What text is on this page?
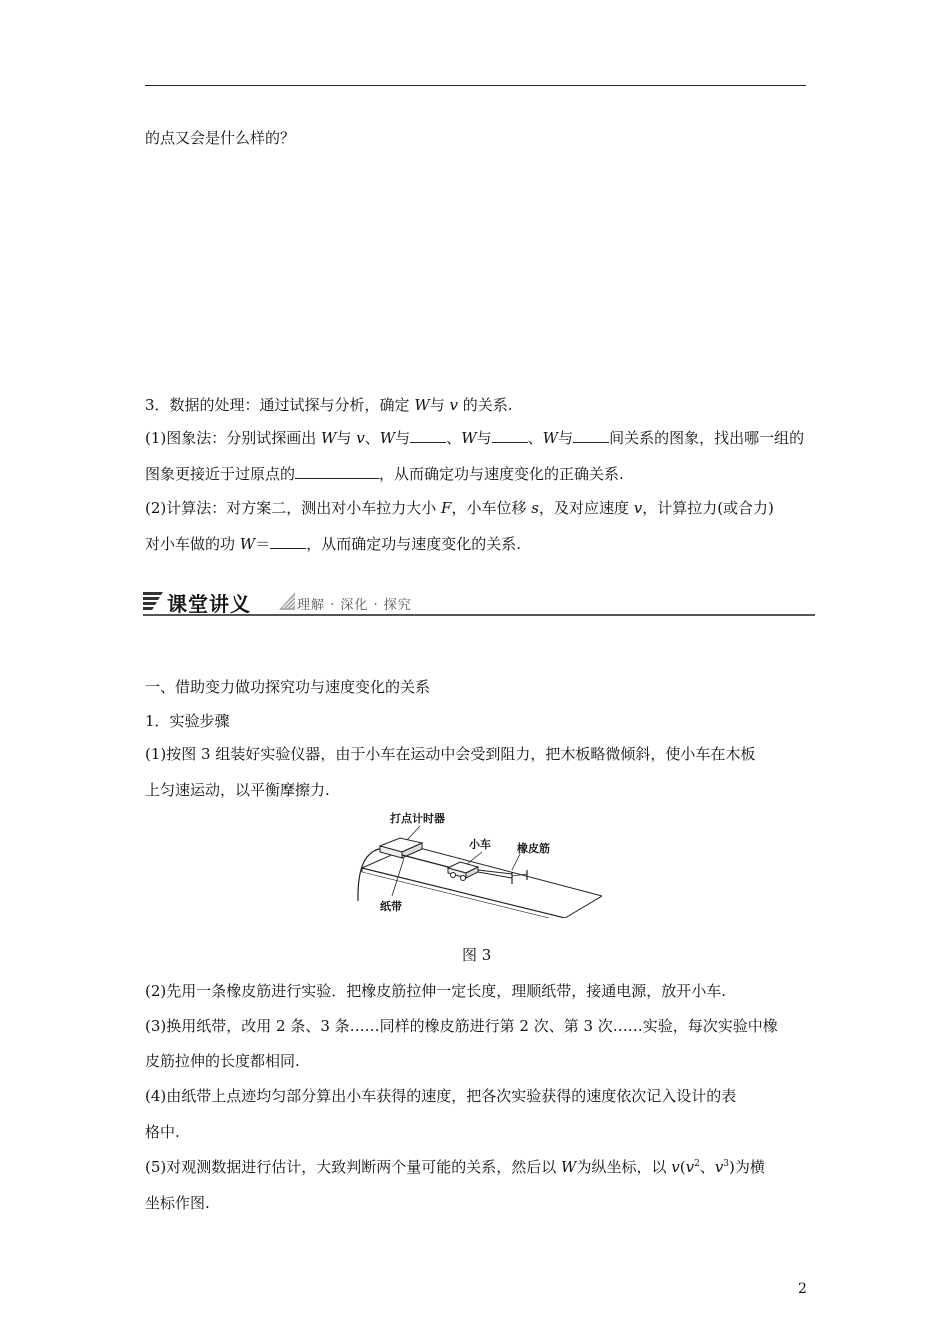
的点又会是什么样的？
3．数据的处理：通过试探与分析，确定 W与 v 的关系.
(1)图象法：分别试探画出 W与 v、W与 、W与 、W与 间关系的图象，找出哪一组的
图象更接近于过原点的	，从而确定功与速度变化的正确关系.
(2)计算法：对方案二，测出对小车拉力大小 F，小车位移 s，及对应速度 v，计算拉力(或合力)
对小车做的功 W＝ ，从而确定功与速度变化的关系.
课堂讲义	理解 · 深化 · 探究
一、借助变力做功探究功与速度变化的关系
1．实验步骤
(1)按图 3 组装好实验仪器，由于小车在运动中会受到阻力，把木板略微倾斜，使小车在木板
上匀速运动，以平衡摩擦力.
打点计时器
小车 橡皮筋
纸带
图 3
(2)先用一条橡皮筋进行实验．把橡皮筋拉伸一定长度，理顺纸带，接通电源，放开小车.
(3)换用纸带，改用 2 条、3 条……同样的橡皮筋进行第 2 次、第 3 次……实验，每次实验中橡
皮筋拉伸的长度都相同.
(4)由纸带上点迹均匀部分算出小车获得的速度，把各次实验获得的速度依次记入设计的表
格中.
(5)对观测数据进行估计，大致判断两个量可能的关系，然后以 W为纵坐标，以 $v(v^2$、$v^3$)为横
坐标作图.
2
